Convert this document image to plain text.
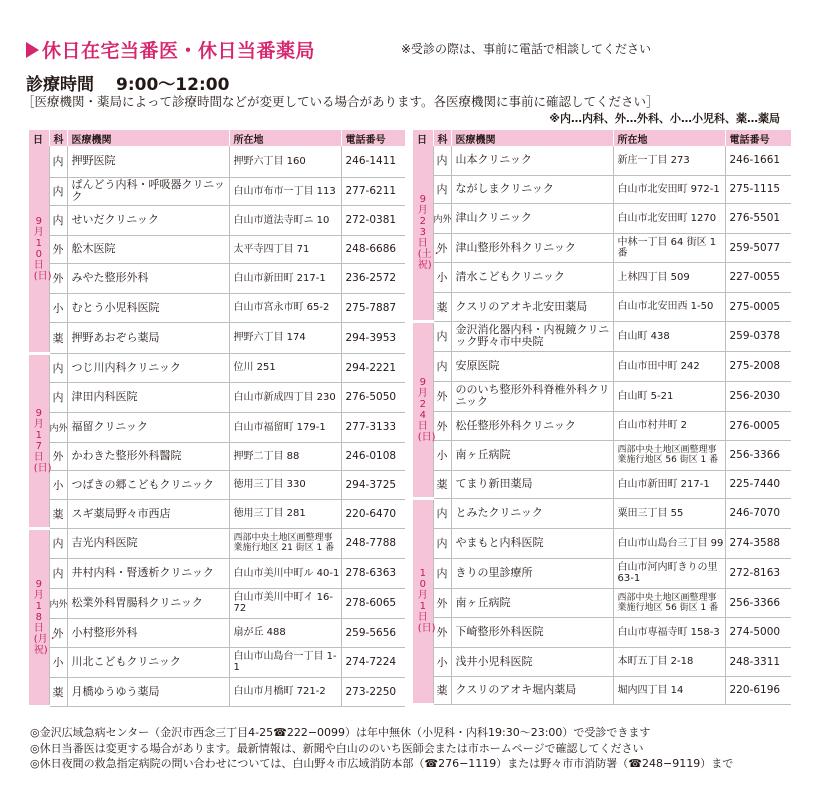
休日在宅当番医・休日当番薬局	※受診の際は、事前に電話で相談してください
診療時間 9:00〜12:00
［医療機関・薬局によって診療時間などが変更している場合があります。各医療機関に事前に確認してください］
※内…内科、外…外科、小…小児科、薬…薬局
日	科	医療機関	所在地	電話番号
9月10日(日)	内	押野医院	押野六丁目 160	246-1411
	内	ぱんどう内科・呼吸器クリニック	白山市布市一丁目 113	277-6211
	内	せいだクリニック	白山市道法寺町ニ 10	272-0381
	外	舩木医院	太平寺四丁目 71	248-6686
	外	みやた整形外科	白山市新田町 217-1	236-2572
	小	むとう小児科医院	白山市宮永市町 65-2	275-7887
	薬	押野あおぞら薬局	押野六丁目 174	294-3953
9月17日(日)	内	つじ川内科クリニック	位川 251	294-2221
	内	津田内科医院	白山市新成四丁目 230	276-5050
	内外	福留クリニック	白山市福留町 179-1	277-3133
	外	かわきた整形外科醫院	押野二丁目 88	246-0108
	小	つばきの郷こどもクリニック	徳用三丁目 330	294-3725
	薬	スギ薬局野々市西店	徳用三丁目 281	220-6470
9月18日(月・祝)	内	吉光内科医院	西部中央土地区画整理事業施行地区 21 街区 1 番	248-7788
	内	井村内科・腎透析クリニック	白山市美川中町ル 40-1	278-6363
	内外	松業外科胃腸科クリニック	白山市美川中町イ 16-72	278-6065
	外	小村整形外科	扇が丘 488	259-5656
	小	川北こどもクリニック	白山市山島台一丁目 1-1	274-7224
	薬	月橋ゆうゆう薬局	白山市月橋町 721-2	273-2250
日	科	医療機関	所在地	電話番号
9月23日(土・祝)	内	山本クリニック	新庄一丁目 273	246-1661
	内	ながしまクリニック	白山市北安田町 972-1	275-1115
	内外	津山クリニック	白山市北安田町 1270	276-5501
	外	津山整形外科クリニック	中林一丁目 64 街区 1 番	259-5077
	小	清水こどもクリニック	上林四丁目 509	227-0055
	薬	クスリのアオキ北安田薬局	白山市北安田西 1-50	275-0005
9月24日(日)	内	金沢消化器内科・内視鏡クリニック野々市中央院	白山町 438	259-0378
	内	安原医院	白山市田中町 242	275-2008
	外	ののいち整形外科脊椎外科クリニック	白山町 5-21	256-2030
	外	松任整形外科クリニック	白山市村井町 2	276-0005
	小	南ヶ丘病院	西部中央土地区画整理事業施行地区 56 街区 1 番	256-3366
	薬	てまり新田薬局	白山市新田町 217-1	225-7440
10月1日(日)	内	とみたクリニック	粟田三丁目 55	246-7070
	内	やまもと内科医院	白山市山島台三丁目 99	274-3588
	内	きりの里診療所	白山市河内町きりの里 63-1	272-8163
	外	南ヶ丘病院	西部中央土地区画整理事業施行地区 56 街区 1 番	256-3366
	外	下崎整形外科医院	白山市専福寺町 158-3	274-5000
	小	浅井小児科医院	本町五丁目 2-18	248-3311
	薬	クスリのアオキ堀内薬局	堀内四丁目 14	220-6196
◎金沢広域急病センター（金沢市西念三丁目4-25☎222−0099）は年中無休（小児科・内科19:30〜23:00）で受診できます
◎休日当番医は変更する場合があります。最新情報は、新聞や白山ののいち医師会または市ホームページで確認してください
◎休日夜間の救急指定病院の問い合わせについては、白山野々市広域消防本部（☎276−1119）または野々市市消防署（☎248−9119）まで
